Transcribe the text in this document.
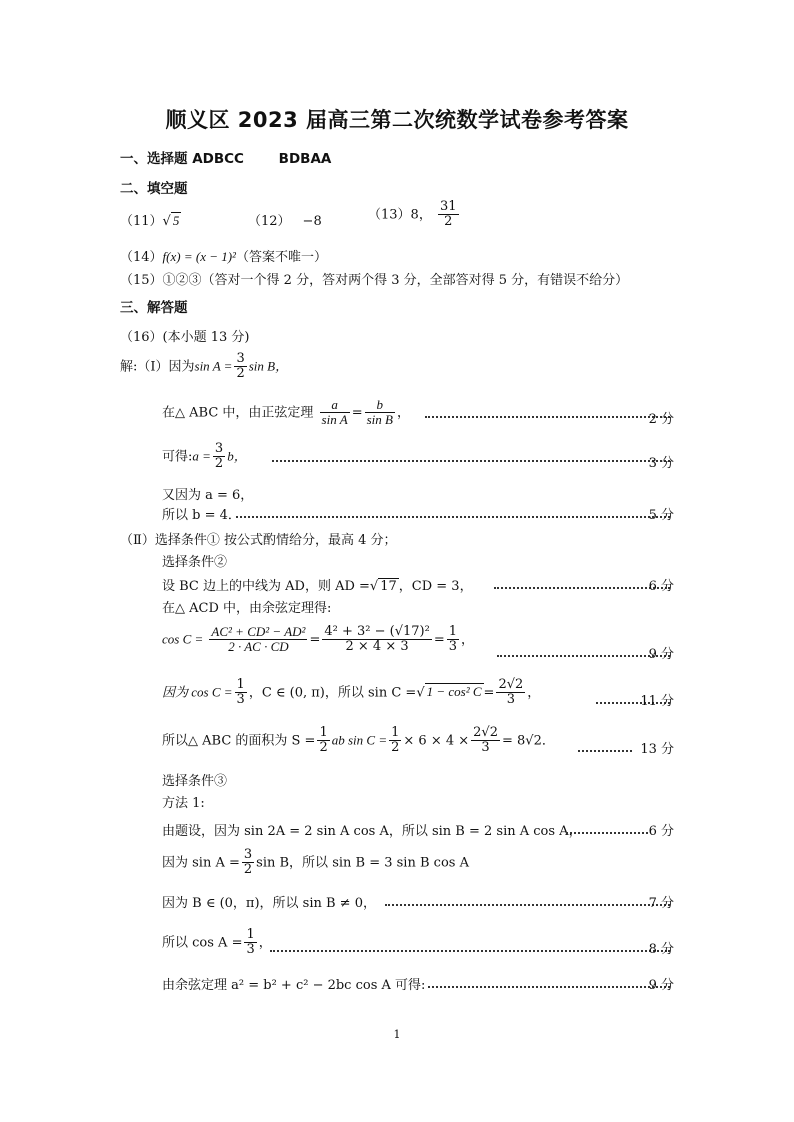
顺义区 2023 届高三第二次统数学试卷参考答案
一、选择题 ADBCC	BDBAA
二、填空题
（11）√ 5	（12） −8	（13）8， $\frac{31}{2}$
（14）f(x) = (x − 1)²（答案不唯一）
（15）①②③（答对一个得 2 分，答对两个得 3 分，全部答对得 5 分，有错误不给分）
三、解答题
（16）(本小题 13 分)
解:（Ⅰ）因为$\sin A = \frac{3}{2}$ sin B，
在△ ABC 中，由正弦定理 $\frac{a}{\text{sin A}} = \frac{b}{\text{sin B}}$ ，	2 分
可得:a = $\frac{3}{2}$ b，
3 分
又因为 a = 6，
所以 b = 4．	5 分
（Ⅱ）选择条件① 按公式酌情给分，最高 4 分；
选择条件②
设 BC 边上的中线为 AD，则 AD =√ 17 ，CD = 3，	6 分
在△ ACD 中，由余弦定理得:
$\cos C = \frac{\text{AC² + CD² − AD²}}{2 \cdot AC \cdot CD} = \frac{\text{4² + 3² − (√17)²}}{2 \times 4 \times 3} = \frac{1}{3}$ ，
9 分
因为 $\cos C = \frac{1}{3}$ ，C ∈ (0, π)，所以 sin C =√ 1 − cos² $C = \frac{2√2}{3}$ ，
11 分
所以△ ABC 的面积为 $S = \frac{1}{2}$ ab $\sin C = \frac{1}{2} \times 6 \times 4 \times \frac{2√2}{3} = 8√2$．
13 分
选择条件③
方法 1:
由题设，因为 sin 2A = 2 sin A cos A，所以 sin B = 2 sin A cos A，	6 分
因为 $\sin A = \frac{3}{2}$ sin B，所以 sin B = 3 sin B cos A
因为 B ∈ (0，π)，所以 sin B ≠ 0，	7 分
所以 $\cos A = \frac{1}{3}$ ，	8 分
由余弦定理 a² = b² + c² − 2bc cos A 可得:	9 分
1
